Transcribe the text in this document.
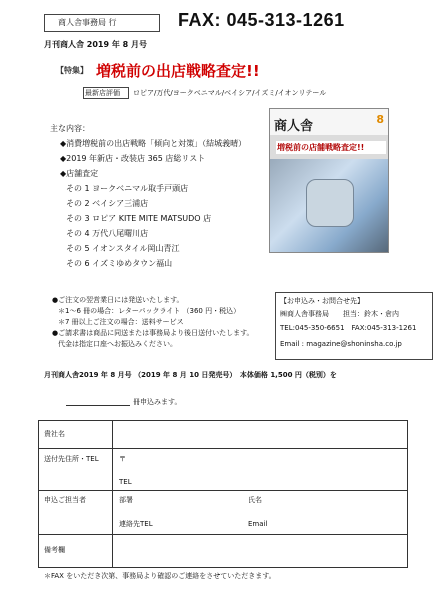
商人舎事務局 行	FAX: 045-313-1261
月刊商人舎 2019 年 8 月号
【特集】 増税前の出店戦略査定!!
最新店評価 ロピア/万代/ヨークベニマル/ベイシア/イズミ/イオンリテール
主な内容：
◆消費増税前の出店戦略「傾向と対策」（結城義晴）
◆2019 年新店・改装店 365 店総リスト
◆店舗査定
その 1 ヨークベニマル取手戸頭店
その 2 ベイシア三浦店
その 3 ロピア KITE MITE MATSUDO 店
その 4 万代八尾曙川店
その 5 イオンスタイル岡山青江
その 6 イズミゆめタウン福山
商人舎	8
増税前の店舗戦略査定!!
●ご注文の翌営業日には発送いたします。
＊1～6 冊の場合：レターパックライト （360 円・税込）
＊7 冊以上ご注文の場合：送料サービス
●ご請求書は商品に同送または事務局より後日送付いたします。
代金は指定口座へお振込みください。
【お申込み・お問合せ先】
㈱商人舎事務局　　担当：鈴木・倉内
TEL:045-350-6651　FAX:045-313-1261
Email : magazine@shoninsha.co.jp
月刊商人舎2019 年 8 月号 （2019 年 8 月 10 日発売号）　本体価格 1,500 円（税別）を
冊申込みます。
貴社名
送付先住所・TEL	〒
TEL
申込ご担当者	部署	氏名
連絡先TEL	Email
備考欄
＊FAX をいただき次第、事務局より確認のご連絡をさせていただきます。
